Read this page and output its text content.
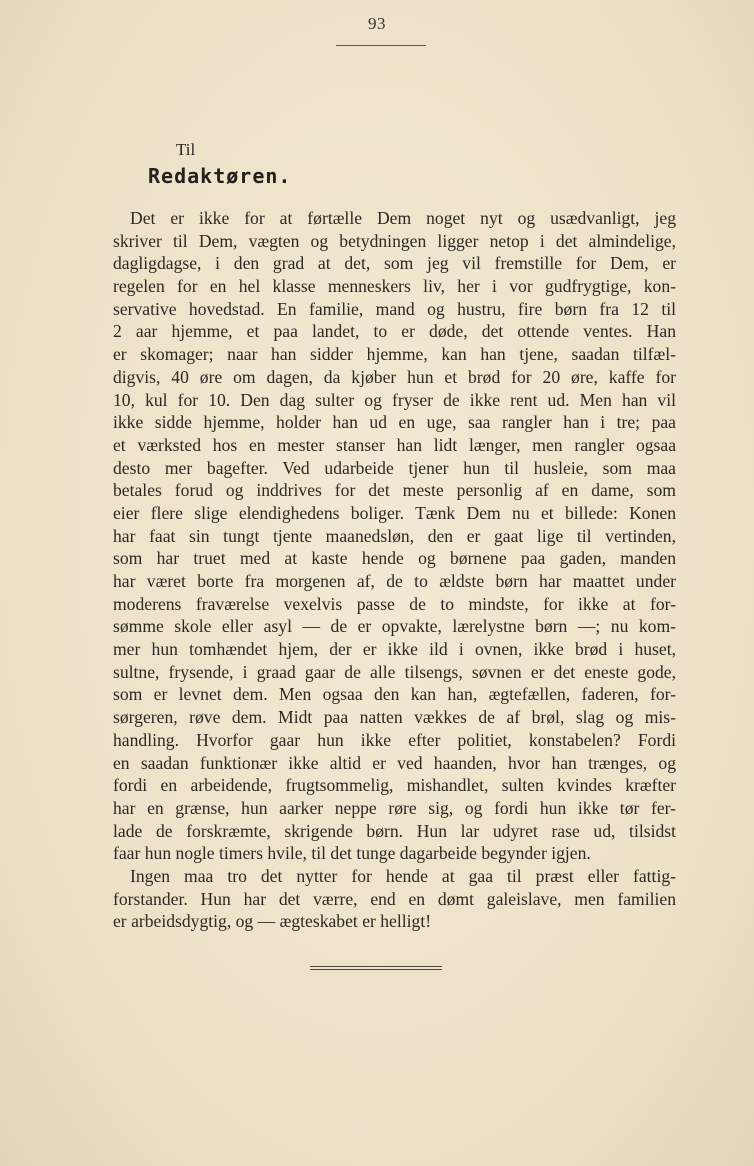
93
Til
Redaktøren.
Det er ikke for at førtælle Dem noget nyt og usædvanligt, jeg
skriver til Dem, vægten og betydningen ligger netop i det almindelige,
dagligdagse, i den grad at det, som jeg vil fremstille for Dem, er
regelen for en hel klasse menneskers liv, her i vor gudfrygtige, kon-
servative hovedstad. En familie, mand og hustru, fire børn fra 12 til
2 aar hjemme, et paa landet, to er døde, det ottende ventes. Han
er skomager; naar han sidder hjemme, kan han tjene, saadan tilfæl-
digvis, 40 øre om dagen, da kjøber hun et brød for 20 øre, kaffe for
10, kul for 10. Den dag sulter og fryser de ikke rent ud. Men han vil
ikke sidde hjemme, holder han ud en uge, saa rangler han i tre; paa
et værksted hos en mester stanser han lidt længer, men rangler ogsaa
desto mer bagefter. Ved udarbeide tjener hun til husleie, som maa
betales forud og inddrives for det meste personlig af en dame, som
eier flere slige elendighedens boliger. Tænk Dem nu et billede: Konen
har faat sin tungt tjente maanedsløn, den er gaat lige til vertinden,
som har truet med at kaste hende og børnene paa gaden, manden
har været borte fra morgenen af, de to ældste børn har maattet under
moderens fraværelse vexelvis passe de to mindste, for ikke at for-
sømme skole eller asyl — de er opvakte, lærelystne børn —; nu kom-
mer hun tomhændet hjem, der er ikke ild i ovnen, ikke brød i huset,
sultne, frysende, i graad gaar de alle tilsengs, søvnen er det eneste gode,
som er levnet dem. Men ogsaa den kan han, ægtefællen, faderen, for-
sørgeren, røve dem. Midt paa natten vækkes de af brøl, slag og mis-
handling. Hvorfor gaar hun ikke efter politiet, konstabelen? Fordi
en saadan funktionær ikke altid er ved haanden, hvor han trænges, og
fordi en arbeidende, frugtsommelig, mishandlet, sulten kvindes kræfter
har en grænse, hun aarker neppe røre sig, og fordi hun ikke tør fer-
lade de forskræmte, skrigende børn. Hun lar udyret rase ud, tilsidst
faar hun nogle timers hvile, til det tunge dagarbeide begynder igjen.
Ingen maa tro det nytter for hende at gaa til præst eller fattig-
forstander. Hun har det værre, end en dømt galeislave, men familien
er arbeidsdygtig, og — ægteskabet er helligt!
